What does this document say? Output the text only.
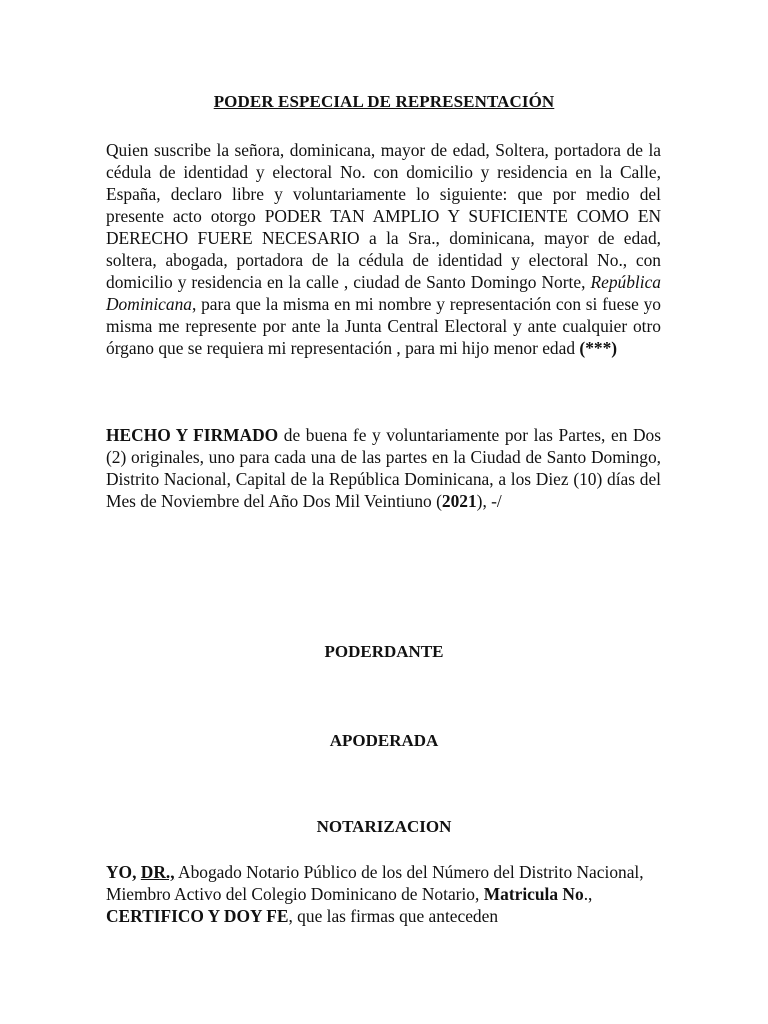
PODER ESPECIAL DE REPRESENTACIÓN

Quien suscribe la señora, dominicana, mayor de edad, Soltera, portadora de la cédula de identidad y electoral No. con domicilio y residencia en la Calle, España, declaro libre y voluntariamente lo siguiente: que por medio del presente acto otorgo PODER TAN AMPLIO Y SUFICIENTE COMO EN DERECHO FUERE NECESARIO a la Sra., dominicana, mayor de edad, soltera, abogada, portadora de la cédula de identidad y electoral No., con domicilio y residencia en la calle , ciudad de Santo Domingo Norte, República Dominicana, para que la misma en mi nombre y representación con si fuese yo misma me represente por ante la Junta Central Electoral y ante cualquier otro órgano que se requiera mi representación , para mi hijo menor edad (***)

HECHO Y FIRMADO de buena fe y voluntariamente por las Partes, en Dos (2) originales, uno para cada una de las partes en la Ciudad de Santo Domingo, Distrito Nacional, Capital de la República Dominicana, a los Diez (10) días del Mes de Noviembre del Año Dos Mil Veintiuno (2021), -/

PODERDANTE
APODERADA
NOTARIZACION

YO, DR., Abogado Notario Público de los del Número del Distrito Nacional, Miembro Activo del Colegio Dominicano de Notario, Matricula No., CERTIFICO Y DOY FE, que las firmas que anteceden
